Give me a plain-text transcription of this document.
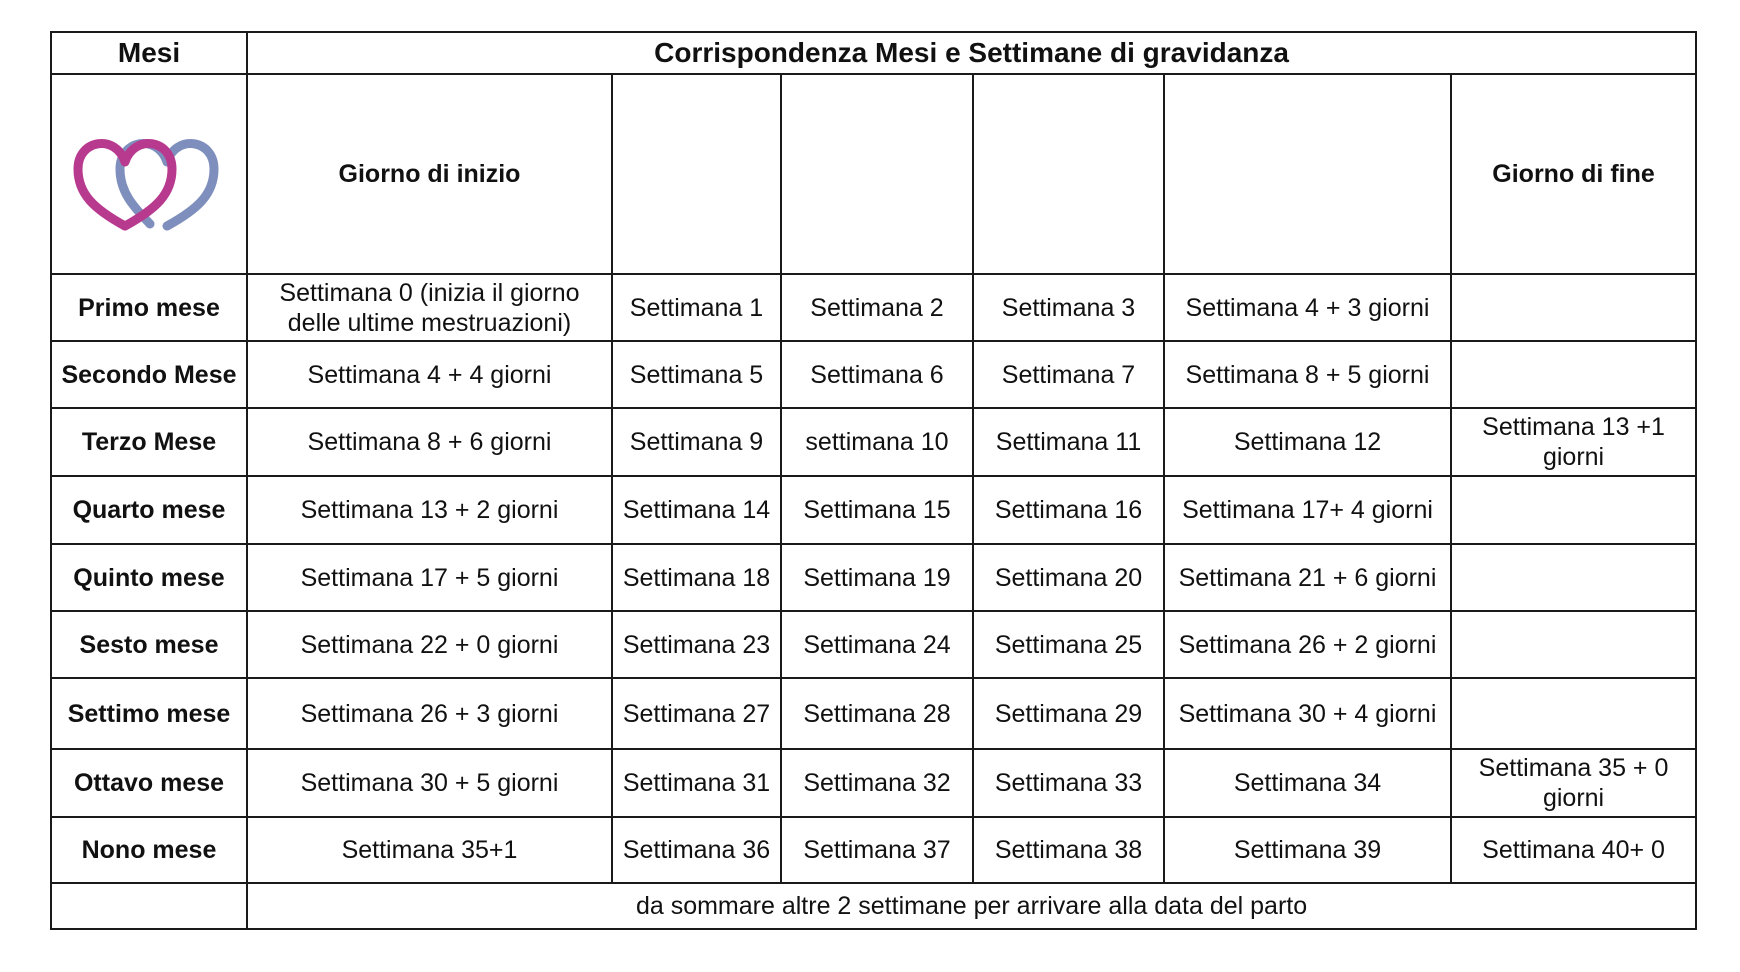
Mesi	Corrispondenza Mesi e Settimane di gravidanza					

	Giorno di inizio					Giorno di fine
Primo mese	Settimana 0 (inizia il giorno delle ultime mestruazioni)	Settimana 1	Settimana 2	Settimana 3	Settimana 4 + 3 giorni	
Secondo Mese	Settimana 4 + 4 giorni	Settimana 5	Settimana 6	Settimana 7	Settimana 8 + 5 giorni	
Terzo Mese	Settimana 8 + 6 giorni	Settimana 9	settimana 10	Settimana 11	Settimana 12	Settimana 13 +1 giorni
Quarto mese	Settimana 13 + 2 giorni	Settimana 14	Settimana 15	Settimana 16	Settimana 17+ 4 giorni	
Quinto mese	Settimana 17 + 5 giorni	Settimana 18	Settimana 19	Settimana 20	Settimana 21 + 6 giorni	
Sesto mese	Settimana 22 + 0 giorni	Settimana 23	Settimana 24	Settimana 25	Settimana 26 + 2 giorni	
Settimo mese	Settimana 26 + 3 giorni	Settimana 27	Settimana 28	Settimana 29	Settimana 30 + 4 giorni	
Ottavo mese	Settimana 30 + 5 giorni	Settimana 31	Settimana 32	Settimana 33	Settimana 34	Settimana 35 + 0 giorni
Nono mese	Settimana 35+1	Settimana 36	Settimana 37	Settimana 38	Settimana 39	Settimana 40+ 0
	da sommare altre 2 settimane per arrivare alla data del parto					
